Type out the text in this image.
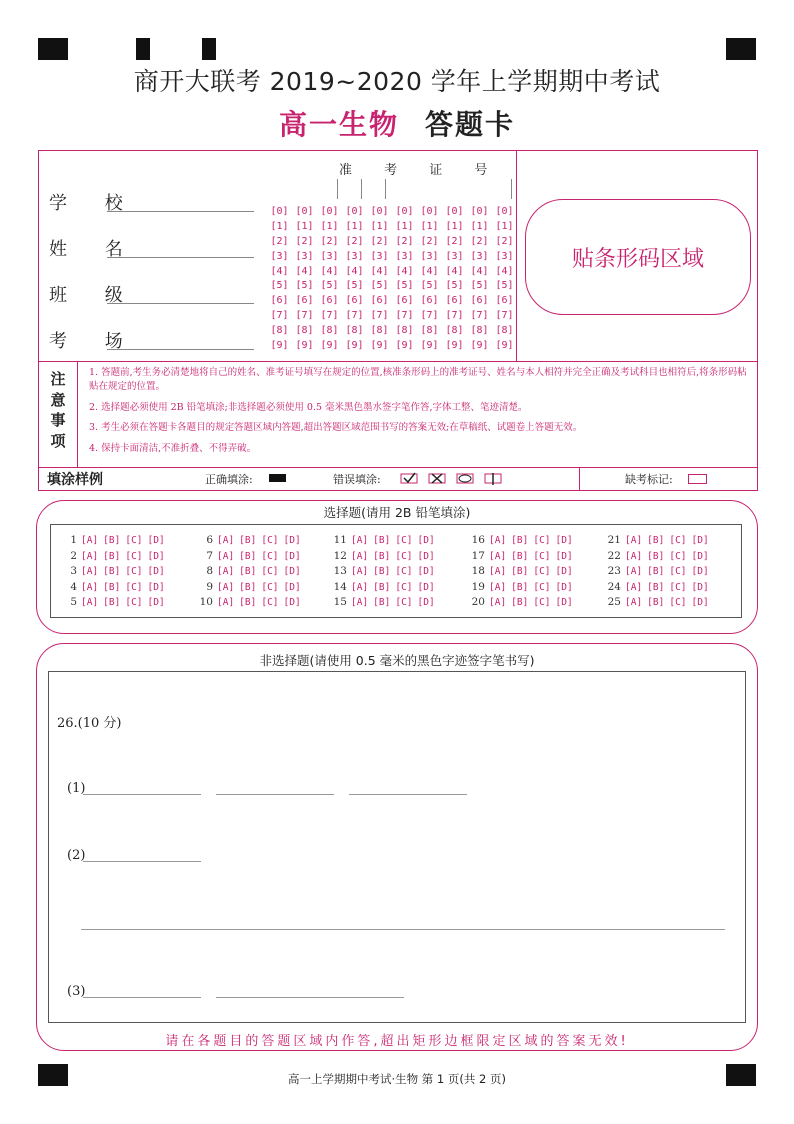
商开大联考 2019~2020 学年上学期期中考试
高一生物 答题卡
学 校
姓 名
班 级
考 场
准 考 证 号
[0] [0] [0] [0] [0] [0] [0] [0] [0] [0]
[1] [1] [1] [1] [1] [1] [1] [1] [1] [1]
[2] [2] [2] [2] [2] [2] [2] [2] [2] [2]
[3] [3] [3] [3] [3] [3] [3] [3] [3] [3]
[4] [4] [4] [4] [4] [4] [4] [4] [4] [4]
[5] [5] [5] [5] [5] [5] [5] [5] [5] [5]
[6] [6] [6] [6] [6] [6] [6] [6] [6] [6]
[7] [7] [7] [7] [7] [7] [7] [7] [7] [7]
[8] [8] [8] [8] [8] [8] [8] [8] [8] [8]
[9] [9] [9] [9] [9] [9] [9] [9] [9] [9]
贴条形码区域
注
意
事
项
1. 答题前,考生务必清楚地将自己的姓名、准考证号填写在规定的位置,核准条形码上的准考证号、姓名与本人相符并完全正确及考试科目也相符后,将条形码粘贴在规定的位置。
2. 选择题必须使用 2B 铅笔填涂;非选择题必须使用 0.5 毫米黑色墨水签字笔作答,字体工整、笔迹清楚。
3. 考生必须在答题卡各题目的规定答题区域内答题,超出答题区域范围书写的答案无效;在草稿纸、试题卷上答题无效。
4. 保持卡面清洁,不准折叠、不得弄破。
填涂样例	正确填涂:	错误填涂:	缺考标记:
选择题(请用 2B 铅笔填涂)
1 [A] [B] [C] [D]
2 [A] [B] [C] [D]
3 [A] [B] [C] [D]
4 [A] [B] [C] [D]
5 [A] [B] [C] [D]
6 [A] [B] [C] [D]
7 [A] [B] [C] [D]
8 [A] [B] [C] [D]
9 [A] [B] [C] [D]
10 [A] [B] [C] [D]
11 [A] [B] [C] [D]
12 [A] [B] [C] [D]
13 [A] [B] [C] [D]
14 [A] [B] [C] [D]
15 [A] [B] [C] [D]
16 [A] [B] [C] [D]
17 [A] [B] [C] [D]
18 [A] [B] [C] [D]
19 [A] [B] [C] [D]
20 [A] [B] [C] [D]
21 [A] [B] [C] [D]
22 [A] [B] [C] [D]
23 [A] [B] [C] [D]
24 [A] [B] [C] [D]
25 [A] [B] [C] [D]
非选择题(请使用 0.5 毫米的黑色字迹签字笔书写)
26.(10 分)
(1)
(2)
(3)
请在各题目的答题区域内作答,超出矩形边框限定区域的答案无效!
高一上学期期中考试·生物 第 1 页(共 2 页)
